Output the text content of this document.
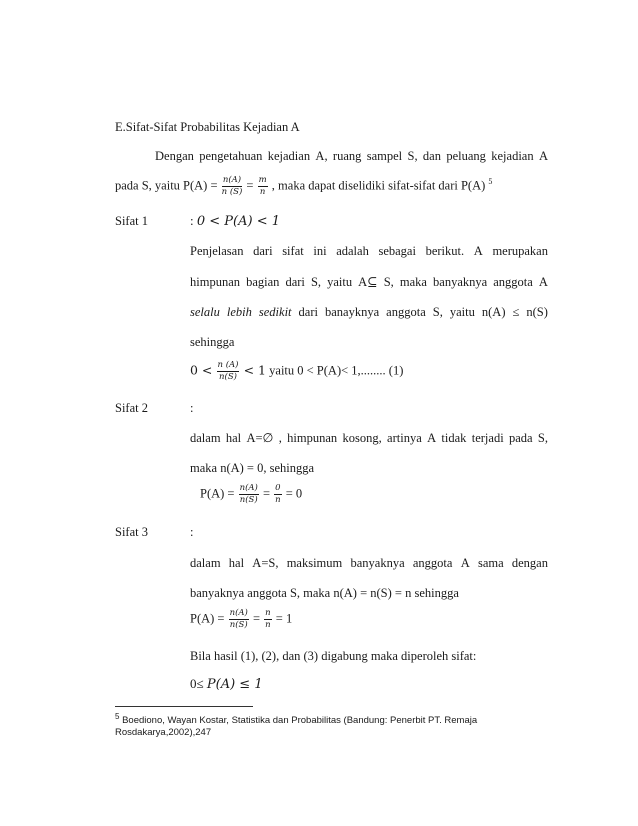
E.Sifat-Sifat Probabilitas Kejadian A
Dengan pengetahuan kejadian A, ruang sampel S, dan peluang kejadian A
pada S, yaitu $P(A) = \frac{n(A)}{n (S)} = \frac{m}{n}$ , maka dapat diselidiki sifat-sifat dari P(A) $^5$
Sifat 1	: 0 < P(A) < 1
Penjelasan dari sifat ini adalah sebagai berikut. A merupakan
himpunan bagian dari S, yaitu A⊆ S, maka banyaknya anggota A
selalu lebih sedikit dari banayknya anggota S, yaitu n(A) ≤ n(S)
sehingga
$0 < \frac{n (A)}{n(S)} < 1$ yaitu 0 < P(A)< 1,........ (1)
Sifat 2	:
dalam hal A=∅ , himpunan kosong, artinya A tidak terjadi pada S,
maka n(A) = 0, sehingga
$P(A) = \frac{n(A)}{n(S)} = \frac{0}{n} = 0$
Sifat 3	:
dalam hal A=S, maksimum banyaknya anggota A sama dengan
banyaknya anggota S, maka n(A) = n(S) = n sehingga
$P(A) = \frac{n(A)}{n(S)} = \frac{n}{n} = 1$
Bila hasil (1), (2), dan (3) digabung maka diperoleh sifat:
0≤ P(A) ≤ 1
$^5$ Boediono, Wayan Kostar, Statistika dan Probabilitas (Bandung: Penerbit PT. Remaja
Rosdakarya,2002),247
